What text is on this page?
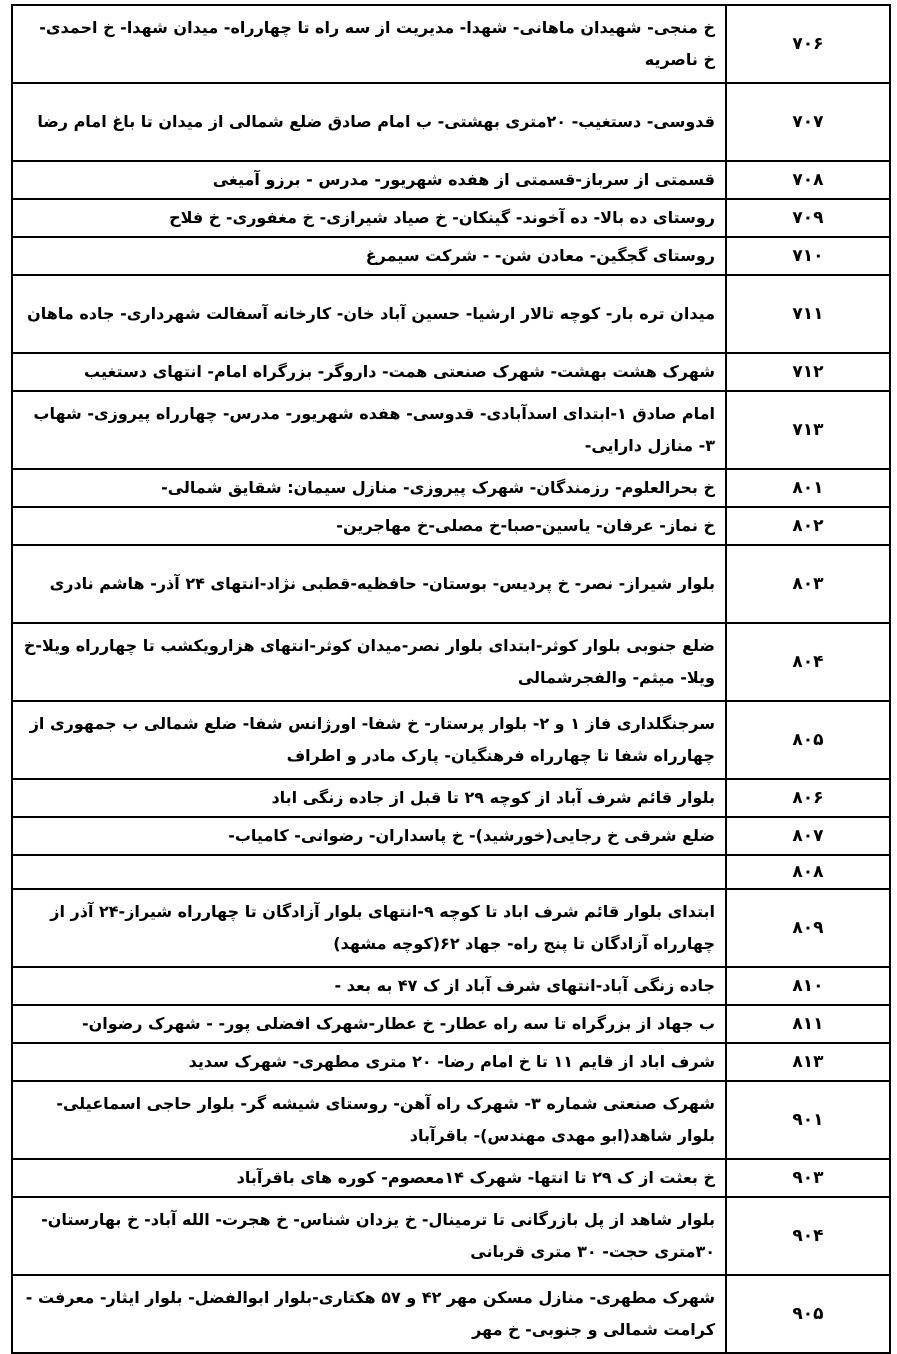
۷۰۶	خ منجی- شهیدان ماهانی- شهدا- مدیریت از سه راه تا چهارراه- میدان شهدا- خ احمدی- خ ناصریه
۷۰۷	قدوسی- دستغیب- ۲۰متری بهشتی- ب امام صادق ضلع شمالی از میدان تا باغ امام رضا
۷۰۸	قسمتی از سرباز-قسمتی از هفده شهریور- مدرس - برزو آمیغی
۷۰۹	روستای ده بالا- ده آخوند- گینکان- خ صیاد شیرازی- خ مغفوری- خ فلاح
۷۱۰	روستای گجگین- معادن شن- - شرکت سیمرغ
۷۱۱	میدان تره بار- کوچه تالار ارشیا- حسین آباد خان- کارخانه آسفالت شهرداری- جاده ماهان
۷۱۲	شهرک هشت بهشت- شهرک صنعتی همت- داروگر- بزرگراه امام- انتهای دستغیب
۷۱۳	امام صادق ۱-ابتدای اسدآبادی- قدوسی- هفده شهریور- مدرس- چهارراه پیروزی- شهاب ۳- منازل دارایی-
۸۰۱	خ بحرالعلوم- رزمندگان- شهرک پیروزی- منازل سیمان: شقایق شمالی-
۸۰۲	خ نماز- عرفان- یاسین-صبا-خ مصلی-خ مهاجرین-
۸۰۳	بلوار شیراز- نصر- خ پردیس- بوستان- حافظیه-قطبی نژاد-انتهای ۲۴ آذر- هاشم نادری
۸۰۴	ضلع جنوبی بلوار کوثر-ابتدای بلوار نصر-میدان کوثر-انتهای هزارویکشب تا چهارراه ویلا-خ ویلا- میثم- والفجرشمالی
۸۰۵	سرجنگلداری فاز ۱ و ۲- بلوار پرستار- خ شفا- اورژانس شفا- ضلع شمالی ب جمهوری از چهارراه شفا تا چهارراه فرهنگیان- پارک مادر و اطراف
۸۰۶	بلوار قائم شرف آباد از کوچه ۲۹ تا قبل از جاده زنگی اباد
۸۰۷	ضلع شرقی خ رجایی(خورشید)- خ پاسداران- رضوانی- کامیاب-
۸۰۸	
۸۰۹	ابتدای بلوار قائم شرف اباد تا کوچه ۹-انتهای بلوار آزادگان تا چهارراه شیراز-۲۴ آذر از چهارراه آزادگان تا پنج راه- جهاد ۶۲(کوچه مشهد)
۸۱۰	جاده زنگی آباد-انتهای شرف آباد از ک ۴۷ به بعد -
۸۱۱	ب جهاد از بزرگراه تا سه راه عطار- خ عطار-شهرک افضلی پور- - شهرک رضوان-
۸۱۳	شرف اباد از قایم ۱۱ تا خ امام رضا- ۲۰ متری مطهری- شهرک سدید
۹۰۱	شهرک صنعتی شماره ۳- شهرک راه آهن- روستای شیشه گر- بلوار حاجی اسماعیلی-بلوار شاهد(ابو مهدی مهندس)- باقرآباد
۹۰۳	خ بعثت از ک ۲۹ تا انتها- شهرک ۱۴معصوم- کوره های باقرآباد
۹۰۴	بلوار شاهد از پل بازرگانی تا ترمینال- خ یزدان شناس- خ هجرت- الله آباد- خ بهارستان- ۳۰متری حجت- ۳۰ متری قربانی
۹۰۵	شهرک مطهری- منازل مسکن مهر ۴۲ و ۵۷ هکتاری-بلوار ابوالفضل- بلوار ایثار- معرفت - کرامت شمالی و جنوبی- خ مهر
